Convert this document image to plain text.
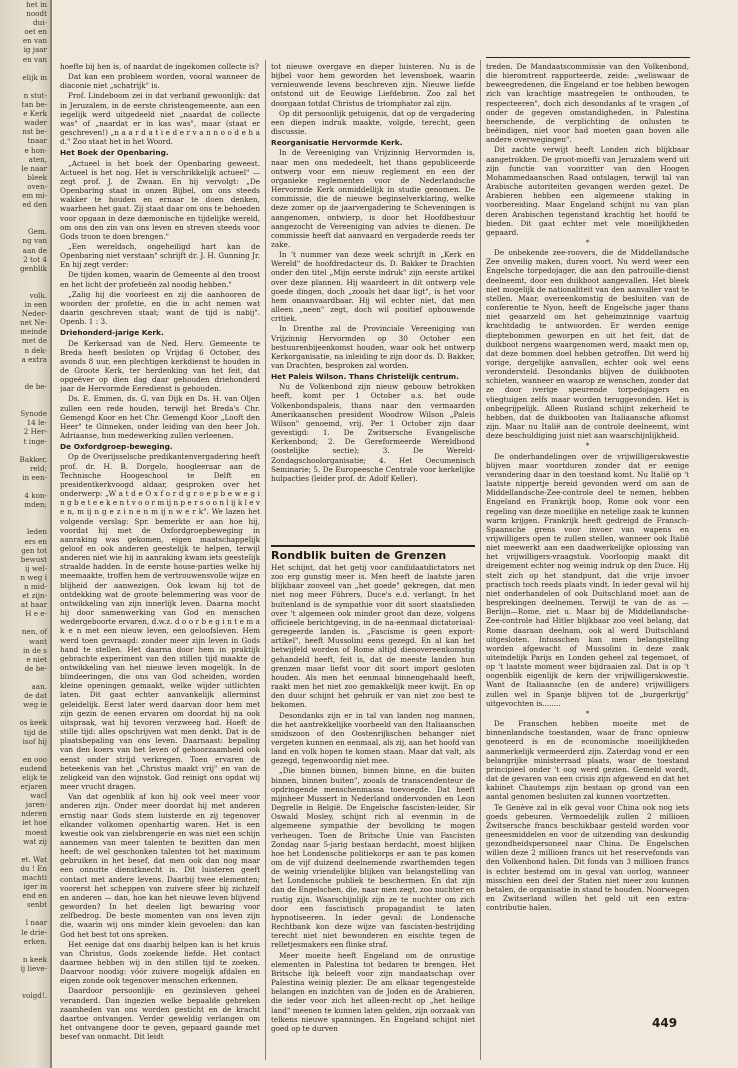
het in

noodt

dui-

oet en

en van

ig jaar

en van

elijk in

n stut-

tan be-

e Kerk

wader

nst be-

tnaar

e hon-

aten,

le naar

bleek

oven-

em mi-

ed den

Gem.

ng van

aan de

2 tot 4

genblik

volk.

in een

Neder-

net Ne-

meinde

met de

n dek-

a extra

de be-

Synode

14 le-

2 Her-

t inge-

Bakker,

reld;

in een-

4 kon-

mden;

leden

ers en

gen tot

bewust

ij wel-

n weg i

n mid-

et zijn-

at haar

H e e-

nen, of

want

in de s

e niet

de be-

aan.

de dat

weg ie

os keek

tijd de

isof hij

en ooo

eudend

elijk te

erjaren

wacl

jaren-

nderen

iet hoe

moest

wat zij

et. Wat

du ! En

machti

iger in

end en

senbt

l naar

le drie-

erken.

n keek

ij lieve-

volgd!.

hoefte bij hen is, of naardat de ingekomen collecte is?

Dat kan een probleem worden, vooral wanneer de diaconie niet „schatrijk" is.

Prof. Lindeboom zei in dat verband gewoonlijk: dat in Jeruzalem, in de eerste christengemeente, aan een iegelijk werd uitgedeeld niet „naardat de collecte was" of „naardat er in kas was", maar (staat er geschreven!) „n a a r d a t i e d e r v a n n o o d e h a d." Zoo staat het in het Woord.

Het Boek der Openbaring.

„Actueel is het boek der Openbaring geweest. Actueel is het nog. Het is verschrikkelijk actueel" — zegt prof. J. de Zwaan. En hij vervolgt: „De Openbaring staat in onzen Bijbel, om ons steeds wakker te houden en ernaar te doen denken, waarheen het gaat. Zij staat daar om ons te behoeden voor opgaan in deze dæmonische en tijdelijke wereld, om ons den zin van ons leven en streven steeds voor Gods troon te doen brengen."

„Een wereldsch, ongeheiligd hart kan de Openbaring niet verstaan" schrijft dr. J. H. Gunning Jr. En hij zegt verder:

De tijden komen, waarin de Gemeente al den troost en het licht der profetieën zal noodig hebben."

„Zalig hij die voorleest en zij die aanhooren de woorden der profetie, en die in acht nemen wat daarin geschreven staat; want de tijd is nabij". Openb. 1 : 3.

Driehonderd-jarige Kerk.

De Kerkeraad van de Ned. Herv. Gemeente te Breda heeft besloten op Vrijdag 6 October, des avonds 8 uur, een plechtigen kerkdienst te houden in de Groote Kerk, ter herdenking van het feit, dat opgeëver op dien dag daar gehouden driehonderd jaar de Hervormde Eeredienst is gehouden.

Ds. E. Emmen, ds. G. van Dijk en Ds. H. van Oljen zullen een rede houden, terwijl het Breda's Chr. Gemengd Koor en het Chr. Gemengd Koor „Looft den Heer" te Ginneken, onder leiding van den heer Joh. Adriaanse, hun medewerking zullen verleenen.

De Oxfordgroep-beweging.

Op de Overijsselsche predikantenvergadering heeft prof. dr. H. B. Dorgelo, hoogleeraar aan de Technische Hoogeschool te Delft en presidentkerkvoogd aldaar, gesproken over het onderwerp: „W a t d e O x f o r d g r o e p b e w e g i n g b e t e e k e n t v o o r m ij n p e r s o o n l ij k l e v e n, m ij n g e z i n e n m ij n w e r k". We lazen het volgende verslag: Spr. bemerkte er aan hoe hij, voordat hij met de Oxfordgroepbeweging in aanraking was gekomen, eigen maatschappelijk geloof en ook anderen geestelijk te helpen, terwijl anderen niet wie hij in aanraking kwam iets geestelijk straalde hadden. In de eerste house-parties welke hij meemaakte, troffen hem de vertrouwensvolle wijze en blijheid der aanwezigen. Ook kwam hij tot de ontdekking wat de groote belemmering was voor de ontwikkeling van zijn innerlijk leven. Daarna mocht hij door samenwerking van God en menschen wedergeboorte ervaren, d.w.z. d o o r b e g i n t e m a k e n met een nieuw leven, een geloofsleven. Hem werd toen gevraagd: zonder meer zijn leven in Gods hand te stellen. Het daarna door hem in praktijk gebrachte experiment van den stillen tijd maakte de ontwikkeling van het nieuwe leven mogelijk. In de blindeeringen, die ons van God scheiden, worden kleine openingen gemaakt, welke wijder uitlichten laten. Dit gaat echter aanvankelijk allerminst geleidelijk. Eerst later werd daarvan door hem met zijn gezin de eenen ervaren om doordat hij na ook uitspraak, wat hij tevoren verzweeg had. Hoeft de stille tijd: alles opschrijven wat men denkt. Dat is de plaatsbepaling van ons leven. Daarnaast: bepaling van den koers van het leven of gehoorzaamheid ook eenst onder strijd verkregen. Toen ervaren de beteekenis van het „Christus maakt vrij" en van de zeligkeid van den wijnstok. God reinigt ons opdat wij meer vrucht dragen.

Van dat ogenblik af kon hij ook veel meer voor anderen zijn. Onder meer doordat hij met anderen ernstig naar Gods stem luisterde en zij tegenover elkander volkomen openhartig waren. Het is een kwestie ook van zielsbrengerie en was niet een schijn aannemen van meer talenten te bezitten dan men heeft: de wel geschonken talenten tot het maximum gebruiken in het besef, dat men ook dan nog maar een onnutte dienstknecht is. Dit luisteren geeft contact met andere levens. Daarbij twee elementen; voorerst het scheppen van zuivere sfeer bij zichzelf en anderen — dan, hoe kan het nieuwe leven blijvend geworden? In het deelen ligt bewaring voor zelfbedrog. De beste momenten van ons leven zijn die, waarin wij ons minder klein gevoelen: dan kan God het best tot ons spreken.

Het eenige dat ons daarbij helpen kan is het kruis van Christus, Gods zoekende liefde. Het contact daarmee hebben wij in den stillen tijd te zoeken. Daarvoor noodig: vóór zuivere mogelijk afdalen en eigen zonde ook tegenover menschen erkennen.

Daardoor persoonlijk- en gezinsleven geheel veranderd. Dan ingezien welke bepaalde gebreken zaamheden van ons worden gesticht en de kracht daartoe ontvangen. Verder geweldig verlangen om het ontvangene door te geven, gepaard gaande met besef van onmacht. Dit leidt

tot nieuwe overgave en dieper luisteren. Nu is de bijbel voor hem geworden het levensboek, waarin vernieuwende levens beschreven zijn. Nieuwe liefde ontstond uit de Eeuwige Liefdebron. Zoo zal het doorgaan totdat Christus de triomphator zal zijn.

Op dit persoonlijk getuigenis, dat op de vergadering een diepen indruk maakte, volgde, terecht, geen discussie.

Reorganisatie Hervormde Kerk.

In de Vereeniging van Vrijzinnig Hervormden is, naar men ons mededeelt, het thans gepubliceerde ontwerp voor een nieuw reglement en een der organieke reglementen voor de Nederlandsche Hervormde Kerk onmiddellijk in studie genomen. De commissie, die de nieuwe beginselverklaring, welke deze zomer op de jaarvergadering te Scheveningen is aangenomen, ontwierp, is door het Hoofdbestuur aangezocht de Vereeniging van advies te dienen. De commissie heeft dat aanvaard en vergaderde reeds ter zake.

In 't nummer van deze week schrijft in „Kerk en Wereld" de hoofdredacteur ds. D. Bakker te Drachten onder den titel „Mijn eerste indruk" zijn eerste artikel over deze plannen. Hij waardeert in dit ontwerp vele goede dingen, doch „zooals het daar ligt", is het voor hem onaanvaardbaar. Hij wil echter niet, dat men alleen „neen" zegt, doch wil positief opbouwende critiek.

In Drenthe zal de Provinciale Vereeniging van Vrijzinnig Hervormden op 30 October een bestuurenbijeenkomst houden, waar ook het ontwerp Kerkorganisatie, na inleiding te zijn door ds. D. Bakker, van Drachten, besproken zal worden.

Het Paleis Wilson. Thans Christelijk centrum.

Nu de Volkenbond zijn nieuw gebouw betrokken heeft, komt per 1 October a.s. het oude Volkenbondspaleis, thans naar den vermaarden Amerikaanschen president Woodrow Wilson „Paleis Wilson" genoemd, vrij. Per 1 October zijn daar gevestigd: 1. De Zwitsersche Evangelische Kerkenbond; 2. De Gereformeerde Wereldbond (oostelijke sectie); 3. De Wereld-Zondagschoolorganisatie; 4. Het Oecumenisch Seminarie; 5. De Europeesche Centrale voor kerkelijke hulpacties (leider prof. dr. Adolf Keller).

Rondblik buiten de Grenzen

Het schijnt, dat het getij voor candidaatdictators net zoo erg gunstig meer is. Men heeft de laatste jaren blijkbaar zooveel van „het goede" gekregen, dat men niet nog meer Führers, Duce's e.d. verlangt. In het buitenland is de sympathie voor dit soort staatslieden over 't algemeen ook minder groot dan deze, volgens officieele berichtgeving, in de na-eenmaal dictatoriaal-geregeerde landen is. „Fascisme is geen export-artikel", heeft Mussolini eens gezegd. En al kan het betwijfeld worden of Rome altijd dienovereenkomstig gehandeld heeft, feit is, dat de meeste landen hun grenzen maar liefst voor dit soort import gesloten houden. Als men het eenmaal binnengehaald heeft, raakt men het niet zoo gemakkelijk meer kwijt. En op den duur schijnt het gebruik er van niet zoo best te bekomen.

Desondanks zijn er in tal van landen nog mannen, die het aantrekkelijke voorbeeld van den Italiaanschen smidszoon of den Oostenrijkschen behanger niet vergeten kunnen en eenmaal, als zij, aan het hoofd van land en volk hopen te komen staan. Maar dat valt, als gezegd, tegenwoordig niet mee.

„Die binnen binnen, binnen binne, en die buiten binnen, binnen buiten", zooals de transcendenteur de opdringende menschenmassa toevoegde. Dat heeft mijnheer Mussert in Nederland ondervonden en Leon Degrelle in België. De Engelsche fascisten-leider, Sir Oswald Mosley, schijnt rich al evenmin in de algemeene sympathie der bevolking te mogen verheugen. Toen de Britsche Unie van Fascisten Zondag naar 5-jarig bestaan herdacht, moest blijken hoe het Londensche politiekorps er aan te pas komen om de vijf duizend deelnemende zwarthemden tegen de weinig vriendelijke blijken van belangstelling van het Londensche publiek te beschermen. En dat zijn dan de Engelschen, die, naar men zegt, zoo nuchter en rustig zijn. Waarschijnlijk zijn ze te nuchter om zich door een fascistisch propagandist te laten hypnotiseeren. In ieder geval: de Londensche Rechtbank kon deze wijze van fascisten-bestrijding terecht niet niet bewonderen en eischte tegen de relletjesmakers een flinke straf.

Meer moeite heeft Engeland om de onrustige elementen in Palestina tot bedaren te brengen. Het Britsche lijk beleeft voor zijn mandaatschap over Palestina weinig plezier. De am elkaar tegengestelde belangen en inzichten van de Joden en de Arabieren, die ieder voor zich het alleen-recht op „het heilige land" meenen te kunnen laten gelden, zijn oorzaak van telkens nieuwe spanningen. En Engeland schijnt niet goed op te durven

treden. De Mandaatscommissie van den Volkenbond, die hieromtrent rapporteerde, zeide: „weliswaar de beweegredenen, die Engeland er toe hebben bewogen zich van krachtige maatregelen te onthouden, te respecteeren", doch zich desondanks af te vragen „of onder de gegeven omstandigheden, in Palestina heerschende, de verplichting de onlusten te beëindigen, niet voor had moeten gaan boven alle andere overwegingen".

Dit zachte verwijt heeft Londen zich blijkbaar aangetrokken. De groot-moefti van Jeruzalem werd uit zijn functie van voorzitter van den Hoogen Mohammedaanschen Raad ontslagen, terwijl tal van Arabische autoriteiten gevangen werden gezet. De Arabieren hebben een algemeene staking in voorbereiding. Maar Engeland schijnt nu van plan deren Arabischen tegenstand krachtig het hoofd te bieden. Dit gaat echter met vele moeilijkheden gepaard.

*

De onbekende zee-roovers, die de Middellandsche Zee onveilig maken, duren voort. Nu werd weer een Engelsche torpedojager, die aan den patrouille-dienst deelneemt, door een duikboot aangevallen. Het bleek niet mogelijk de nationaliteit van den aanvaller vast te stellen. Maar, overeenkomstig de besluiten van de conferentie te Nyon, heeft de Engelsche jager thans niet geaarzeld om het geheimzinnige vaartuig krachtdadig te antwoorden. Er werden eenige dieptebommen geworpen en uit het feit, dat de duikboot nergens waargenomen werd, maakt men op, dat deze bommen doel hebben getroffen. Dit werd bij vorige, dergelijke aanvallen, echter ook wel eens verondersteld. Desondanks blijven de duikbooten schieten, wanneer en waarop ze wenschen, zonder dat ze door iverige speurende torpedojagers en vliegtuigen zelfs maar worden teruggevonden. Het is onbegrijpelijk. Alleen Rusland schijnt zekerheid te hebben, dat de duikbooten van Italiaansche afkomst zijn. Maar nu Italië aan de controle deelneemt, wint deze beschuldiging juist niet aan waarschijnlijkheid.

*

De onderhandelingen over de vrijwilligerskwestie blijven maar voortduren zonder dat er eenige verandering daar in den toestand komt. Nu Italië op 't laatste nippertje bereid gevonden werd om aan de Middellandsche-Zee-controle deel te nemen, hebben Engeland en Frankrijk hoop, Rome ook voor een regeling van deze moeilijke en netelige zaak te kunnen warm krijgen. Frankrijk heeft gedreigd de Fransch-Spaansche grens voor invoer van wapens en vrijwilligers open te zullen stellen, wanneer ook Italië niet meewerkt aan een daadwerkelijke oplossing van het vrijwilligers-vraagstuk. Voorloopig maakt dit dreigement echter nog weinig indruk op den Duce. Hij stelt zich op het standpunt, dat die vrije invoer practisch toch reeds plaats vindt. In ieder geval wil hij niet onderhandelen of ook Duitschland moet aan de besprekingen deelnemen. Terwijl te van de as — Berlijn—Rome, ziet u. Maar bij de Middellandsche-Zee-controle had Hitler blijkbaar zoo veel belang, dat Rome daaraan deelnam, ook al werd Duitschland uitgesloten. Intusschen kan men belangstelling worden afgewacht of Mussolini in deze zaak uiteindelijk Parijs en Londen geheel zal tegemoet, of op 't laatste moment weer bijdraaien zal. Dat is op 't oogenblik eigenlijk de kern der vrijwilligerskwestie. Want de Italiaansche (en de andere) vrijwilligers zullen wel in Spanje blijven tot de „burgerkrijg" uitgevochten is........

*

De Franschen hebben moeite met de binnenlandsche toestanden, waar de franc opnieuw genoteerd is en de economische moeilijkheden aanmerkelijk vermeerderd zijn. Zaterdag vond er een belangrijke ministerraad plaats, waar de toestand principieel onder 't oog werd gezien. Gemeld wordt, dat de gevaren van een crisis zijn afgewend en dat het kabinet Chautemps zijn bestaan op grond van een aantal genomen besluiten zal kunnen voortzetten.

Te Genève zal in elk geval voor China ook nog iets goeds gebeuren. Vermoedelijk zullen 2 millioen Zwitsersche francs beschikbaar gesteld worden voor geneesmiddelen en voor de uitzending van deskundig gezondheidspersoneel naar China. De Engelschen willen deze 2 millioen francs uit het reservefonds van den Volkenbond halen. Dit fonds van 3 millioen francs is echter bestemd om in geval van oorlog, wanneer misschien een deel der Staten niet meer zou kunnen betalen, de organisatie in stand te houden. Noorwegen en Zwitserland willen het geld uit een extra-contributie halen.

449
